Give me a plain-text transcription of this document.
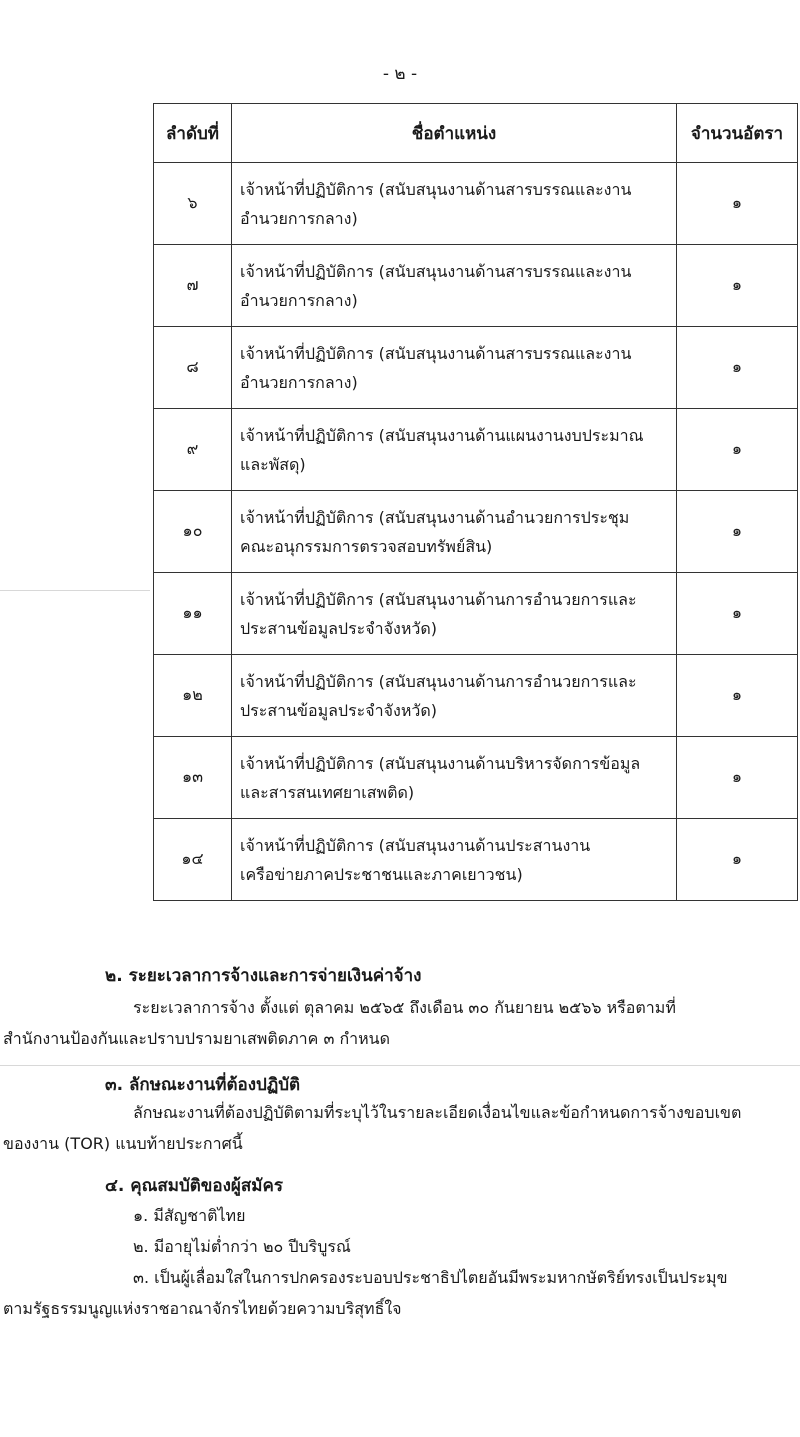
- ๒ -
ลำดับที่	ชื่อตำแหน่ง	จำนวนอัตรา
๖	เจ้าหน้าที่ปฏิบัติการ (สนับสนุนงานด้านสารบรรณและงาน
อำนวยการกลาง)	๑
๗	เจ้าหน้าที่ปฏิบัติการ (สนับสนุนงานด้านสารบรรณและงาน
อำนวยการกลาง)	๑
๘	เจ้าหน้าที่ปฏิบัติการ (สนับสนุนงานด้านสารบรรณและงาน
อำนวยการกลาง)	๑
๙	เจ้าหน้าที่ปฏิบัติการ (สนับสนุนงานด้านแผนงานงบประมาณ
และพัสดุ)	๑
๑๐	เจ้าหน้าที่ปฏิบัติการ (สนับสนุนงานด้านอำนวยการประชุม
คณะอนุกรรมการตรวจสอบทรัพย์สิน)	๑
๑๑	เจ้าหน้าที่ปฏิบัติการ (สนับสนุนงานด้านการอำนวยการและ
ประสานข้อมูลประจำจังหวัด)	๑
๑๒	เจ้าหน้าที่ปฏิบัติการ (สนับสนุนงานด้านการอำนวยการและ
ประสานข้อมูลประจำจังหวัด)	๑
๑๓	เจ้าหน้าที่ปฏิบัติการ (สนับสนุนงานด้านบริหารจัดการข้อมูล
และสารสนเทศยาเสพติด)	๑
๑๔	เจ้าหน้าที่ปฏิบัติการ (สนับสนุนงานด้านประสานงาน
เครือข่ายภาคประชาชนและภาคเยาวชน)	๑
๒. ระยะเวลาการจ้างและการจ่ายเงินค่าจ้าง
ระยะเวลาการจ้าง ตั้งแต่ ตุลาคม ๒๕๖๕ ถึงเดือน ๓๐ กันยายน ๒๕๖๖ หรือตามที่
สำนักงานป้องกันและปราบปรามยาเสพติดภาค ๓ กำหนด
๓. ลักษณะงานที่ต้องปฏิบัติ
ลักษณะงานที่ต้องปฏิบัติตามที่ระบุไว้ในรายละเอียดเงื่อนไขและข้อกำหนดการจ้างขอบเขต
ของงาน (TOR) แนบท้ายประกาศนี้
๔. คุณสมบัติของผู้สมัคร
๑. มีสัญชาติไทย
๒. มีอายุไม่ต่ำกว่า ๒๐ ปีบริบูรณ์
๓. เป็นผู้เลื่อมใสในการปกครองระบอบประชาธิปไตยอันมีพระมหากษัตริย์ทรงเป็นประมุข
ตามรัฐธรรมนูญแห่งราชอาณาจักรไทยด้วยความบริสุทธิ์ใจ
